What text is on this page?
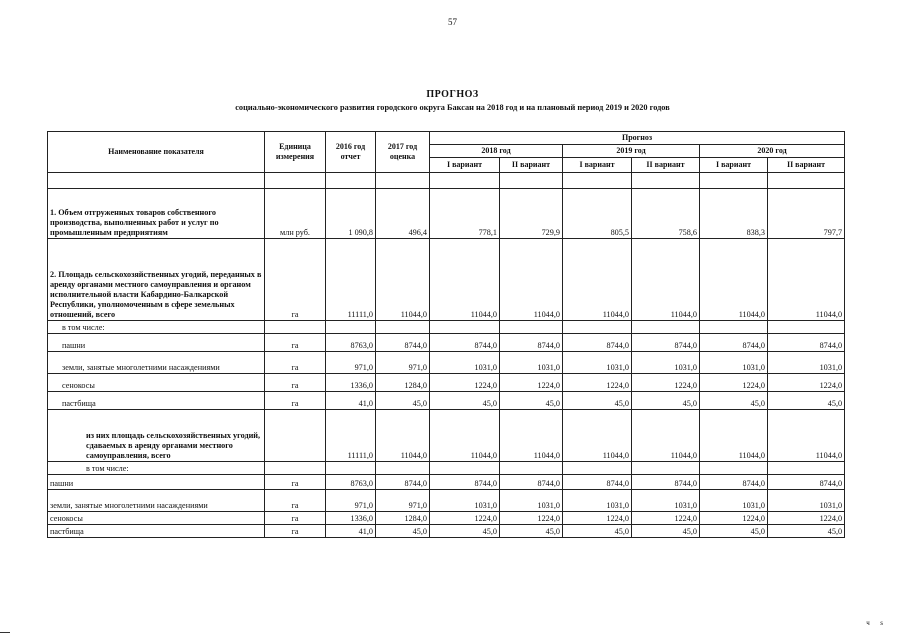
57
ПРОГНОЗ
социально-экономического развития городского округа Баксан на 2018 год и на плановый период 2019 и 2020 годов
Наименование показателя	Единица измерения	2016 год отчет	2017 год оценка	Прогноз					
				2018 год		2019 год		2020 год	
				I вариант	II вариант	I вариант	II вариант	I вариант	II вариант

1. Объем отгруженных товаров собственного производства, выполненных работ и услуг по промышленным предприятиям	млн руб.	1 090,8	496,4	778,1	729,9	805,5	758,6	838,3	797,7
2. Площадь сельскохозяйственных угодий, переданных в аренду органами местного самоуправления и органом исполнительной власти Кабардино-Балкарской Республики, уполномоченным в сфере земельных отношений, всего	га	11111,0	11044,0	11044,0	11044,0	11044,0	11044,0	11044,0	11044,0
в том числе:									
пашни	га	8763,0	8744,0	8744,0	8744,0	8744,0	8744,0	8744,0	8744,0
земли, занятые многолетними насаждениями	га	971,0	971,0	1031,0	1031,0	1031,0	1031,0	1031,0	1031,0
сенокосы	га	1336,0	1284,0	1224,0	1224,0	1224,0	1224,0	1224,0	1224,0
пастбища	га	41,0	45,0	45,0	45,0	45,0	45,0	45,0	45,0
из них площадь сельскохозяйственных угодий, сдаваемых в аренду органами местного самоуправления, всего		11111,0	11044,0	11044,0	11044,0	11044,0	11044,0	11044,0	11044,0
в том числе:									
пашни	га	8763,0	8744,0	8744,0	8744,0	8744,0	8744,0	8744,0	8744,0
земли, занятые многолетними насаждениями	га	971,0	971,0	1031,0	1031,0	1031,0	1031,0	1031,0	1031,0
сенокосы	га	1336,0	1284,0	1224,0	1224,0	1224,0	1224,0	1224,0	1224,0
пастбища	га	41,0	45,0	45,0	45,0	45,0	45,0	45,0	45,0
ч      s
